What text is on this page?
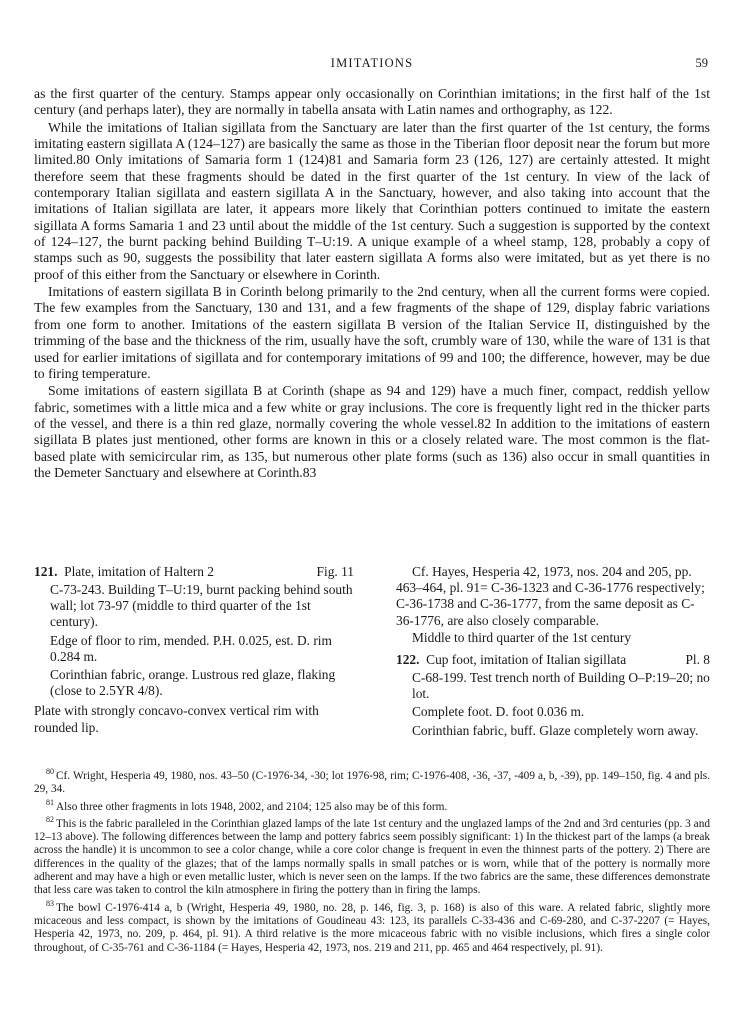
IMITATIONS	59

as the first quarter of the century. Stamps appear only occasionally on Corinthian imitations; in the first half of the 1st century (and perhaps later), they are normally in tabella ansata with Latin names and orthography, as 122.

While the imitations of Italian sigillata from the Sanctuary are later than the first quarter of the 1st century, the forms imitating eastern sigillata A (124–127) are basically the same as those in the Tiberian floor deposit near the forum but more limited.80 Only imitations of Samaria form 1 (124)81 and Samaria form 23 (126, 127) are certainly attested. It might therefore seem that these fragments should be dated in the first quarter of the 1st century. In view of the lack of contemporary Italian sigillata and eastern sigillata A in the Sanctuary, however, and also taking into account that the imitations of Italian sigillata are later, it appears more likely that Corinthian potters continued to imitate the eastern sigillata A forms Samaria 1 and 23 until about the middle of the 1st century. Such a suggestion is supported by the context of 124–127, the burnt packing behind Building T–U:19. A unique example of a wheel stamp, 128, probably a copy of stamps such as 90, suggests the possibility that later eastern sigillata A forms also were imitated, but as yet there is no proof of this either from the Sanctuary or elsewhere in Corinth.

Imitations of eastern sigillata B in Corinth belong primarily to the 2nd century, when all the current forms were copied. The few examples from the Sanctuary, 130 and 131, and a few fragments of the shape of 129, display fabric variations from one form to another. Imitations of the eastern sigillata B version of the Italian Service II, distinguished by the trimming of the base and the thickness of the rim, usually have the soft, crumbly ware of 130, while the ware of 131 is that used for earlier imitations of sigillata and for contemporary imitations of 99 and 100; the difference, however, may be due to firing temperature.

Some imitations of eastern sigillata B at Corinth (shape as 94 and 129) have a much finer, compact, reddish yellow fabric, sometimes with a little mica and a few white or gray inclusions. The core is frequently light red in the thicker parts of the vessel, and there is a thin red glaze, normally covering the whole vessel.82 In addition to the imitations of eastern sigillata B plates just mentioned, other forms are known in this or a closely related ware. The most common is the flat-based plate with semicircular rim, as 135, but numerous other plate forms (such as 136) also occur in small quantities in the Demeter Sanctuary and elsewhere at Corinth.83

121. Plate, imitation of Haltern 2	Fig. 11

C-73-243. Building T–U:19, burnt packing behind south wall; lot 73-97 (middle to third quarter of the 1st century).

Edge of floor to rim, mended. P.H. 0.025, est. D. rim 0.284 m.

Corinthian fabric, orange. Lustrous red glaze, flaking (close to 2.5YR 4/8).

Plate with strongly concavo-convex vertical rim with rounded lip.

Cf. Hayes, Hesperia 42, 1973, nos. 204 and 205, pp. 463–464, pl. 91= C-36-1323 and C-36-1776 respectively; C-36-1738 and C-36-1777, from the same deposit as C-36-1776, are also closely comparable.

Middle to third quarter of the 1st century

122. Cup foot, imitation of Italian sigillata	Pl. 8

C-68-199. Test trench north of Building O–P:19–20; no lot.

Complete foot. D. foot 0.036 m.

Corinthian fabric, buff. Glaze completely worn away.

$^{80}$ Cf. Wright, Hesperia 49, 1980, nos. 43–50 (C-1976-34, -30; lot 1976-98, rim; C-1976-408, -36, -37, -409 a, b, -39), pp. 149–150, fig. 4 and pls. 29, 34.

$^{81}$ Also three other fragments in lots 1948, 2002, and 2104; 125 also may be of this form.

$^{82}$ This is the fabric paralleled in the Corinthian glazed lamps of the late 1st century and the unglazed lamps of the 2nd and 3rd centuries (pp. 3 and 12–13 above). The following differences between the lamp and pottery fabrics seem possibly significant: 1) In the thickest part of the lamps (a break across the handle) it is uncommon to see a color change, while a core color change is frequent in even the thinnest parts of the pottery. 2) There are differences in the quality of the glazes; that of the lamps normally spalls in small patches or is worn, while that of the pottery is normally more adherent and may have a high or even metallic luster, which is never seen on the lamps. If the two fabrics are the same, these differences demonstrate that less care was taken to control the kiln atmosphere in firing the pottery than in firing the lamps.

$^{83}$ The bowl C-1976-414 a, b (Wright, Hesperia 49, 1980, no. 28, p. 146, fig. 3, p. 168) is also of this ware. A related fabric, slightly more micaceous and less compact, is shown by the imitations of Goudineau 43: 123, its parallels C-33-436 and C-69-280, and C-37-2207 (= Hayes, Hesperia 42, 1973, no. 209, p. 464, pl. 91). A third relative is the more micaceous fabric with no visible inclusions, which fires a single color throughout, of C-35-761 and C-36-1184 (= Hayes, Hesperia 42, 1973, nos. 219 and 211, pp. 465 and 464 respectively, pl. 91).
